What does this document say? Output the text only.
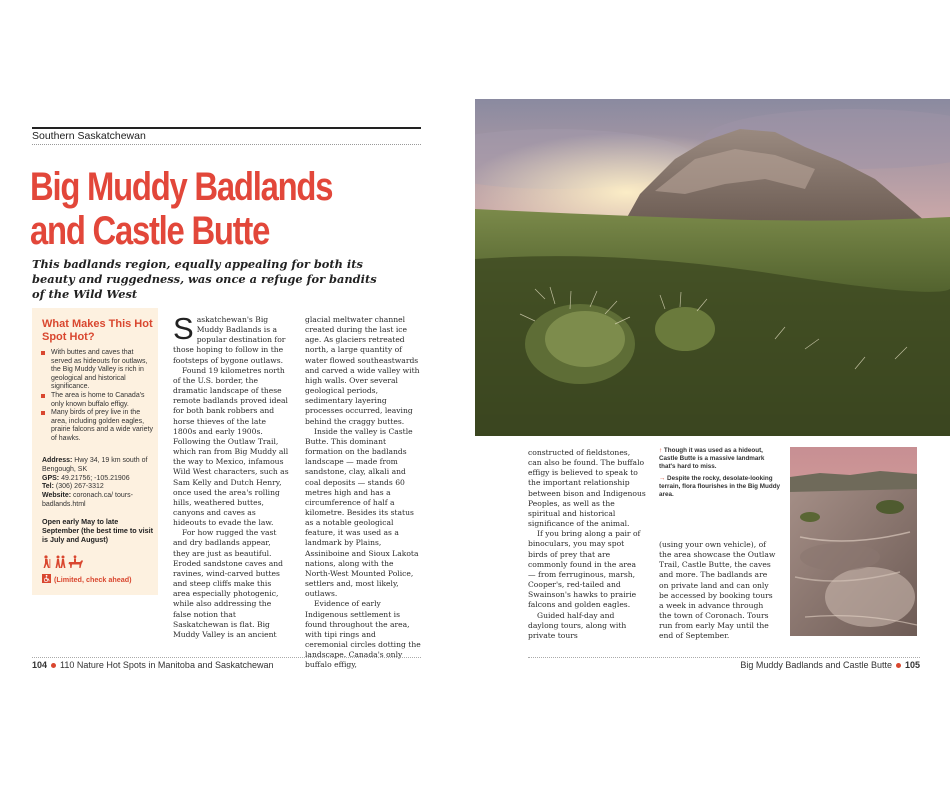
Southern Saskatchewan
Big Muddy Badlands
and Castle Butte
This badlands region, equally appealing for both its beauty and ruggedness, was once a refuge for bandits of the Wild West
What Makes This Hot Spot Hot?
With buttes and caves that served as hideouts for outlaws, the Big Muddy Valley is rich in geological and historical significance.
The area is home to Canada's only known buffalo effigy.
Many birds of prey live in the area, including golden eagles, prairie falcons and a wide variety of hawks.
Address: Hwy 34, 19 km south of Bengough, SK
GPS: 49.21756; -105.21906
Tel: (306) 267-3312
Website: coronach.ca/ tours-badlands.html
Open early May to late September (the best time to visit is July and August)
(Limited, check ahead)

Saskatchewan's Big Muddy Badlands is a popular destination for those hoping to follow in the footsteps of bygone outlaws.

Found 19 kilometres north of the U.S. border, the dramatic landscape of these remote badlands proved ideal for both bank robbers and horse thieves of the late 1800s and early 1900s. Following the Outlaw Trail, which ran from Big Muddy all the way to Mexico, infamous Wild West characters, such as Sam Kelly and Dutch Henry, once used the area's rolling hills, weathered buttes, canyons and caves as hideouts to evade the law.

For how rugged the vast and dry badlands appear, they are just as beautiful. Eroded sandstone caves and ravines, wind-carved buttes and steep cliffs make this area especially photogenic, while also addressing the false notion that Saskatchewan is flat. Big Muddy Valley is an ancient

glacial meltwater channel created during the last ice age. As glaciers retreated north, a large quantity of water flowed southeastwards and carved a wide valley with high walls. Over several geological periods, sedimentary layering processes occurred, leaving behind the craggy buttes.

Inside the valley is Castle Butte. This dominant formation on the badlands landscape — made from sandstone, clay, alkali and coal deposits — stands 60 metres high and has a circumference of half a kilometre. Besides its status as a notable geological feature, it was used as a landmark by Plains, Assiniboine and Sioux Lakota nations, along with the North-West Mounted Police, settlers and, most likely, outlaws.

Evidence of early Indigenous settlement is found throughout the area, with tipi rings and ceremonial circles dotting the landscape. Canada's only buffalo effigy,

104 110 Nature Hot Spots in Manitoba and Saskatchewan

constructed of fieldstones, can also be found. The buffalo effigy is believed to speak to the important relationship between bison and Indigenous Peoples, as well as the spiritual and historical significance of the animal.

If you bring along a pair of binoculars, you may spot birds of prey that are commonly found in the area — from ferruginous, marsh, Cooper's, red-tailed and Swainson's hawks to prairie falcons and golden eagles.

Guided half-day and daylong tours, along with private tours

↑ Though it was used as a hideout, Castle Butte is a massive landmark that's hard to miss.
→ Despite the rocky, desolate-looking terrain, flora flourishes in the Big Muddy area.

(using your own vehicle), of the area showcase the Outlaw Trail, Castle Butte, the caves and more. The badlands are on private land and can only be accessed by booking tours a week in advance through the town of Coronach. Tours run from early May until the end of September.

Big Muddy Badlands and Castle Butte 105
